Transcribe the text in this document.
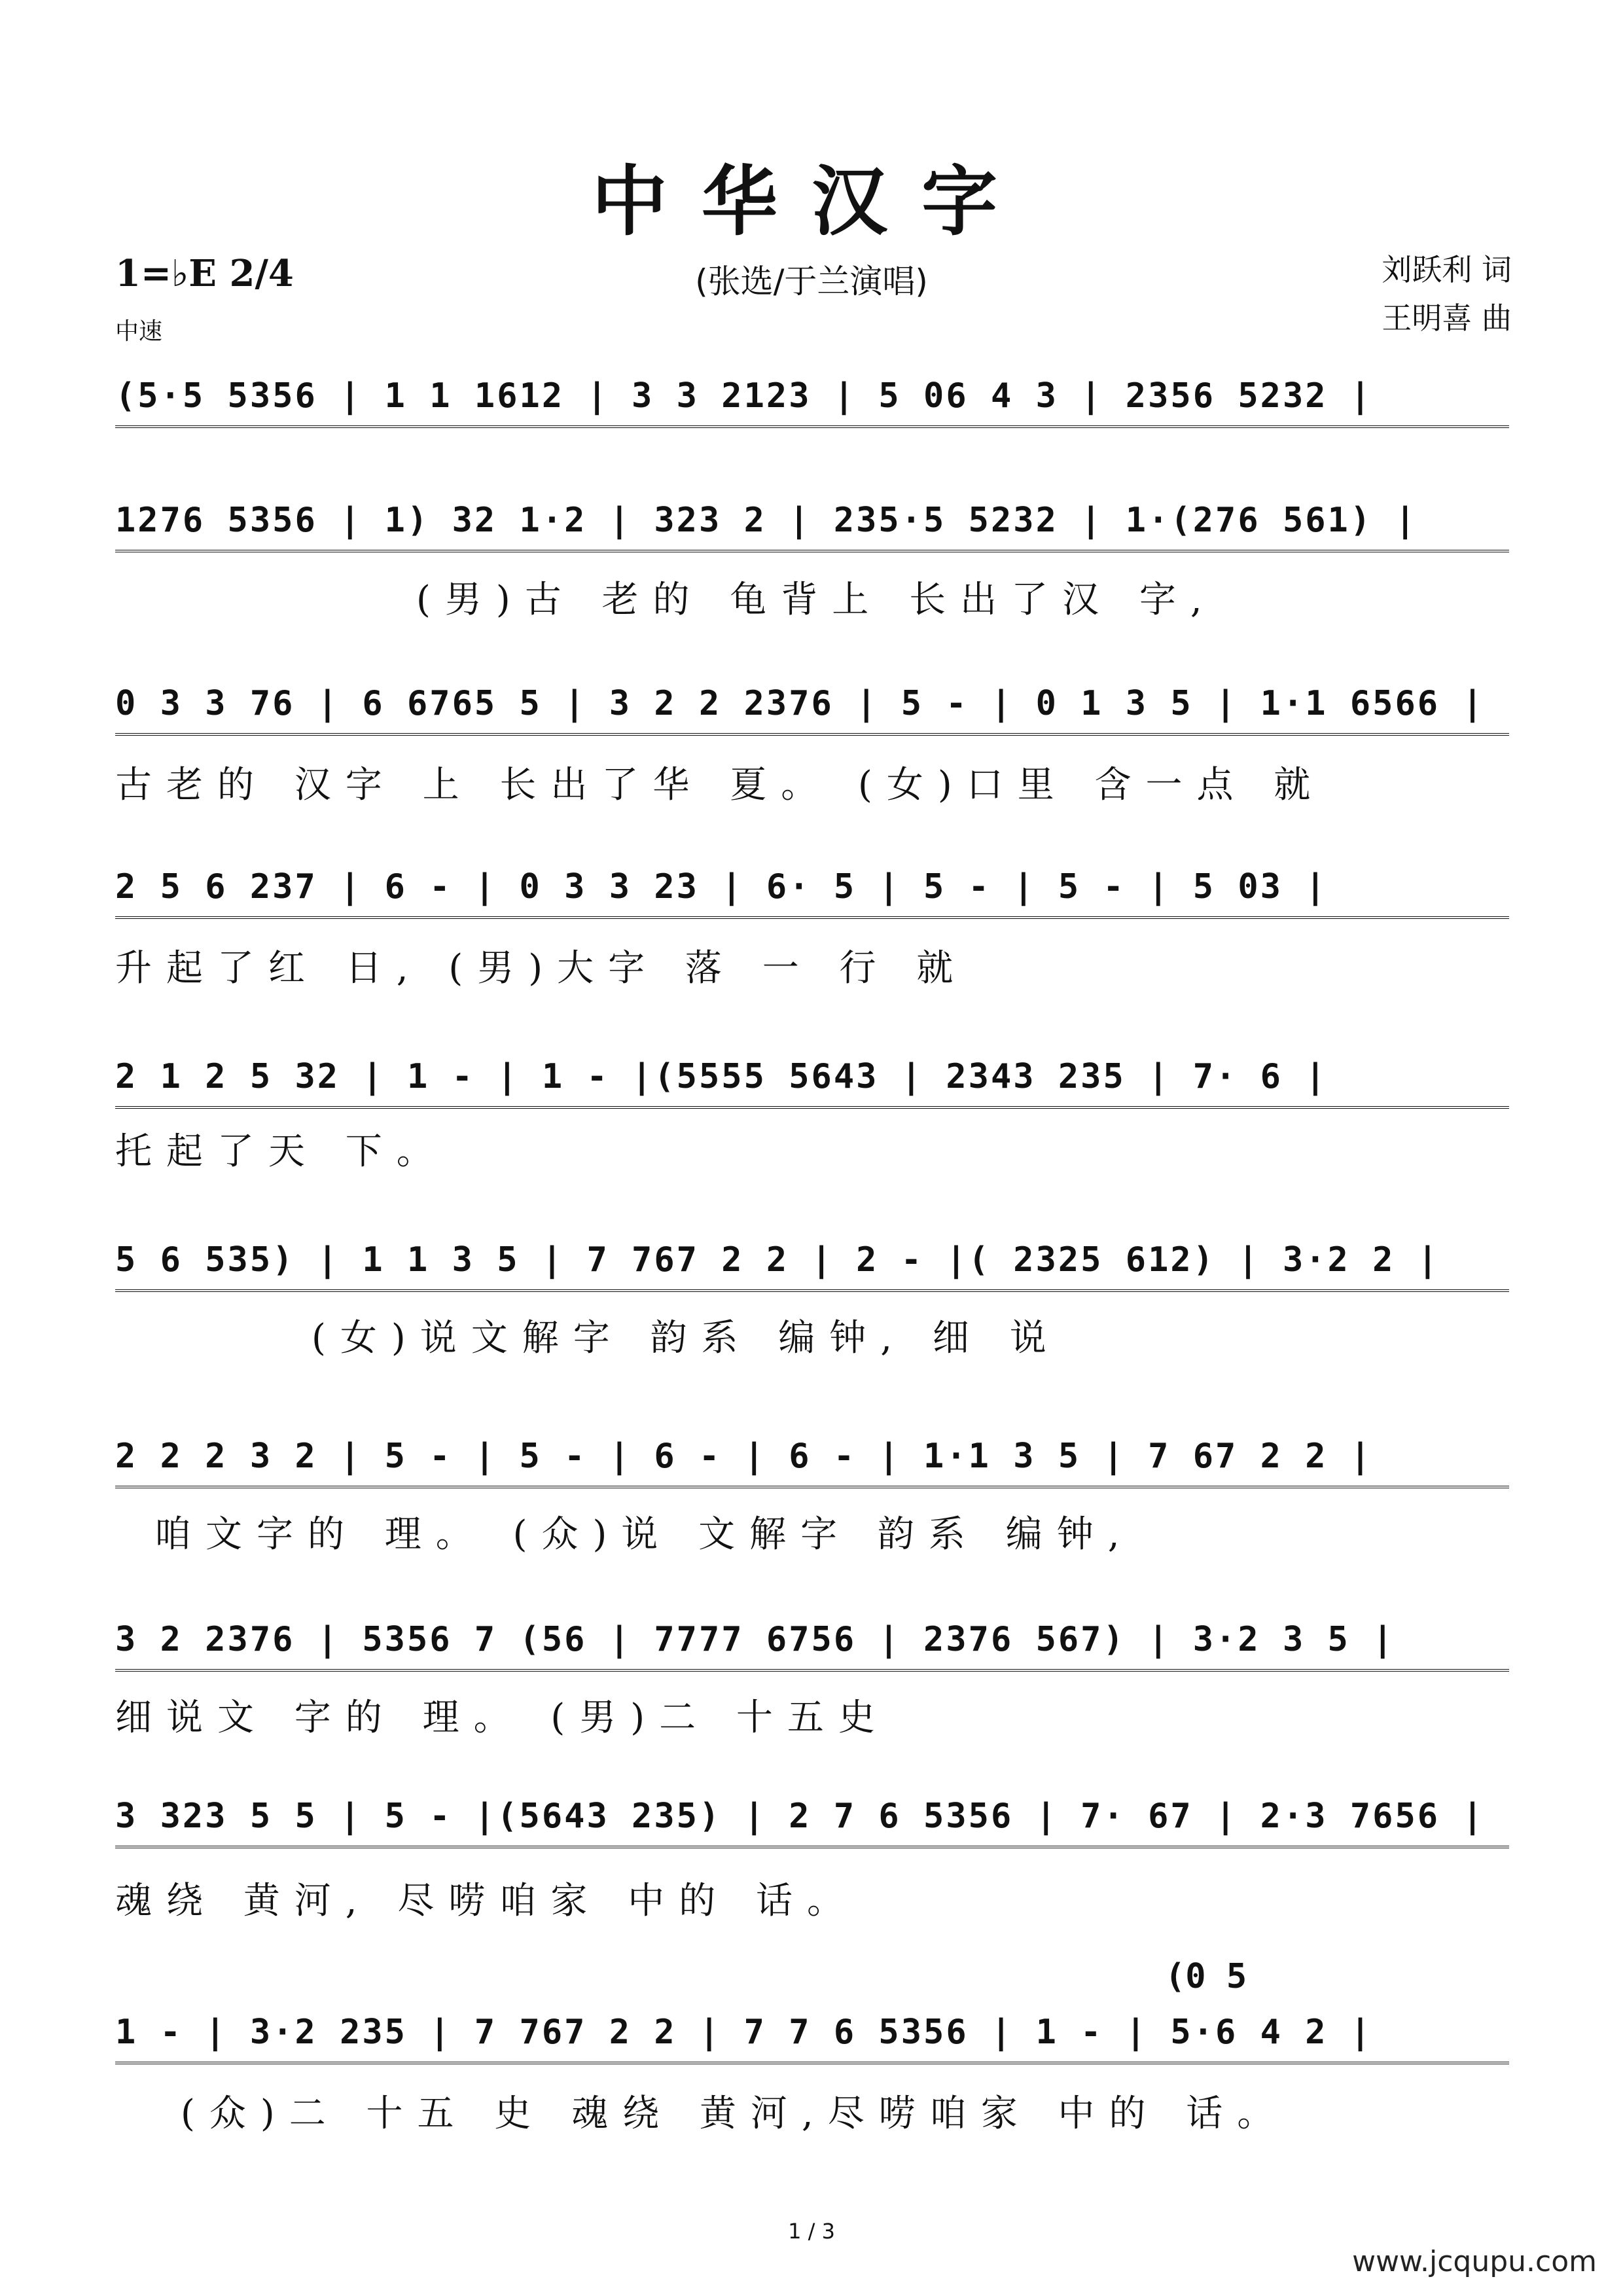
中华汉字
1=♭E 2/4	(张选/于兰演唱)
中速
刘跃利 词
王明喜 曲
(5·5 5356 | 1 1 1612 | 3 3 2123 | 5 06 4 3 | 2356 5232 |
1276 5356 | 1) 32 1·2 | 323 2 | 235·5 5232 | 1·(276 561) |
(男)古 老的 龟背上 长出了汉 字,
0 3 3 76 | 6 6765 5 | 3 2 2 2376 | 5 - | 0 1 3 5 | 1·1 6566 |
古老的 汉字 上 长出了华 夏。 (女)口里 含一点 就
2 5 6 237 | 6 - | 0 3 3 23 | 6· 5 | 5 - | 5 - | 5 03 |
升起了红 日, (男)大字 落 一 行 就
2 1 2 5 32 | 1 - | 1 - |(5555 5643 | 2343 235 | 7· 6 |
托起了天 下。
5 6 535) | 1 1 3 5 | 7 767 2 2 | 2 - |( 2325 612) | 3·2 2 |
(女)说文解字 韵系 编钟, 细 说
2 2 2 3 2 | 5 - | 5 - | 6 - | 6 - | 1·1 3 5 | 7 67 2 2 |
咱文字的 理。 (众)说 文解字 韵系 编钟,
3 2 2376 | 5356 7 (56 | 7777 6756 | 2376 567) | 3·2 3 5 |
细说文 字的 理。 (男)二 十五史
3 323 5 5 | 5 - |(5643 235) | 2 7 6 5356 | 7· 67 | 2·3 7656 |
魂绕 黄河, 尽唠咱家 中的 话。
(0 5
1 - | 3·2 235 | 7 767 2 2 | 7 7 6 5356 | 1 - | 5·6 4 2 |
(众)二 十五 史 魂绕 黄河,尽唠咱家 中的 话。
1 / 3
www.jcqupu.com
